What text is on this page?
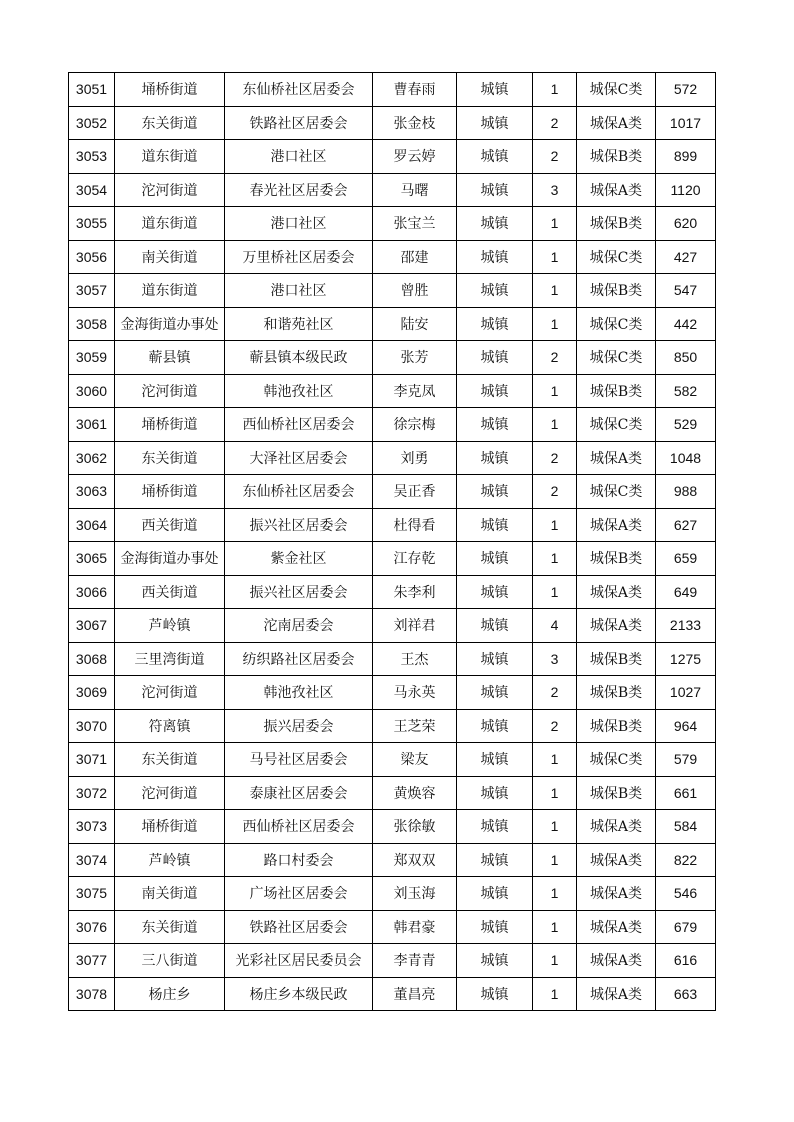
3051	埇桥街道	东仙桥社区居委会	曹春雨	城镇	1	城保C类	572
3052	东关街道	铁路社区居委会	张金枝	城镇	2	城保A类	1017
3053	道东街道	港口社区	罗云婷	城镇	2	城保B类	899
3054	沱河街道	春光社区居委会	马曙	城镇	3	城保A类	1120
3055	道东街道	港口社区	张宝兰	城镇	1	城保B类	620
3056	南关街道	万里桥社区居委会	邵建	城镇	1	城保C类	427
3057	道东街道	港口社区	曾胜	城镇	1	城保B类	547
3058	金海街道办事处	和谐苑社区	陆安	城镇	1	城保C类	442
3059	蕲县镇	蕲县镇本级民政	张芳	城镇	2	城保C类	850
3060	沱河街道	韩池孜社区	李克凤	城镇	1	城保B类	582
3061	埇桥街道	西仙桥社区居委会	徐宗梅	城镇	1	城保C类	529
3062	东关街道	大泽社区居委会	刘勇	城镇	2	城保A类	1048
3063	埇桥街道	东仙桥社区居委会	吴正香	城镇	2	城保C类	988
3064	西关街道	振兴社区居委会	杜得看	城镇	1	城保A类	627
3065	金海街道办事处	紫金社区	江存乾	城镇	1	城保B类	659
3066	西关街道	振兴社区居委会	朱李利	城镇	1	城保A类	649
3067	芦岭镇	沱南居委会	刘祥君	城镇	4	城保A类	2133
3068	三里湾街道	纺织路社区居委会	王杰	城镇	3	城保B类	1275
3069	沱河街道	韩池孜社区	马永英	城镇	2	城保B类	1027
3070	符离镇	振兴居委会	王芝荣	城镇	2	城保B类	964
3071	东关街道	马号社区居委会	梁友	城镇	1	城保C类	579
3072	沱河街道	泰康社区居委会	黄焕容	城镇	1	城保B类	661
3073	埇桥街道	西仙桥社区居委会	张徐敏	城镇	1	城保A类	584
3074	芦岭镇	路口村委会	郑双双	城镇	1	城保A类	822
3075	南关街道	广场社区居委会	刘玉海	城镇	1	城保A类	546
3076	东关街道	铁路社区居委会	韩君豪	城镇	1	城保A类	679
3077	三八街道	光彩社区居民委员会	李青青	城镇	1	城保A类	616
3078	杨庄乡	杨庄乡本级民政	董昌亮	城镇	1	城保A类	663
